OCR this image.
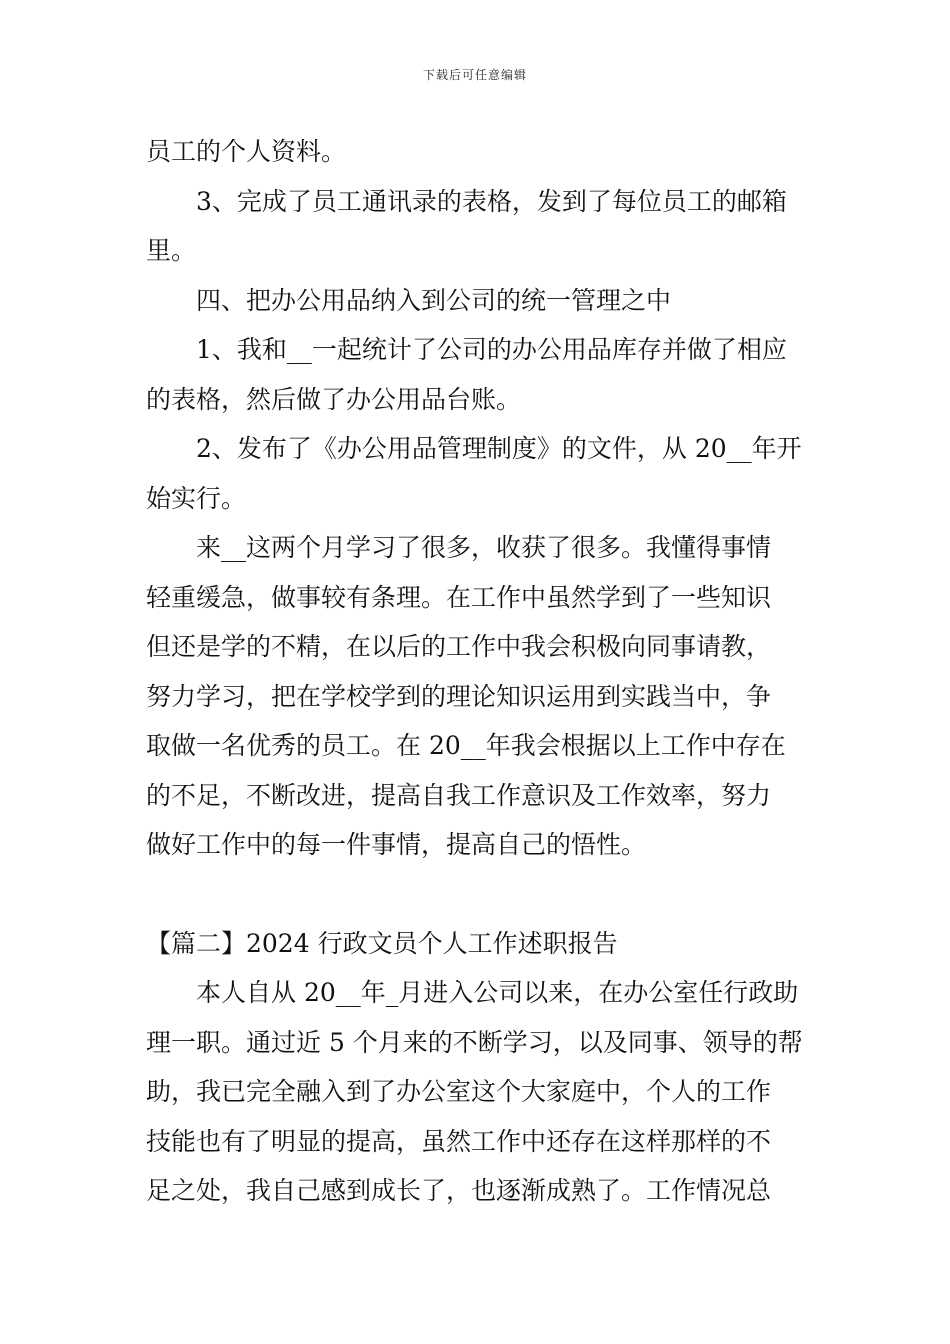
下载后可任意编辑
员工的个人资料。
3、完成了员工通讯录的表格，发到了每位员工的邮箱
里。
四、把办公用品纳入到公司的统一管理之中
1、我和__一起统计了公司的办公用品库存并做了相应
的表格，然后做了办公用品台账。
2、发布了《办公用品管理制度》的文件，从 20__年开
始实行。
来__这两个月学习了很多，收获了很多。我懂得事情
轻重缓急，做事较有条理。在工作中虽然学到了一些知识
但还是学的不精，在以后的工作中我会积极向同事请教，
努力学习，把在学校学到的理论知识运用到实践当中，争
取做一名优秀的员工。在 20__年我会根据以上工作中存在
的不足，不断改进，提高自我工作意识及工作效率，努力
做好工作中的每一件事情，提高自己的悟性。
【篇二】2024 行政文员个人工作述职报告
本人自从 20__年_月进入公司以来，在办公室任行政助
理一职。通过近 5 个月来的不断学习，以及同事、领导的帮
助，我已完全融入到了办公室这个大家庭中，个人的工作
技能也有了明显的提高，虽然工作中还存在这样那样的不
足之处，我自己感到成长了，也逐渐成熟了。工作情况总
